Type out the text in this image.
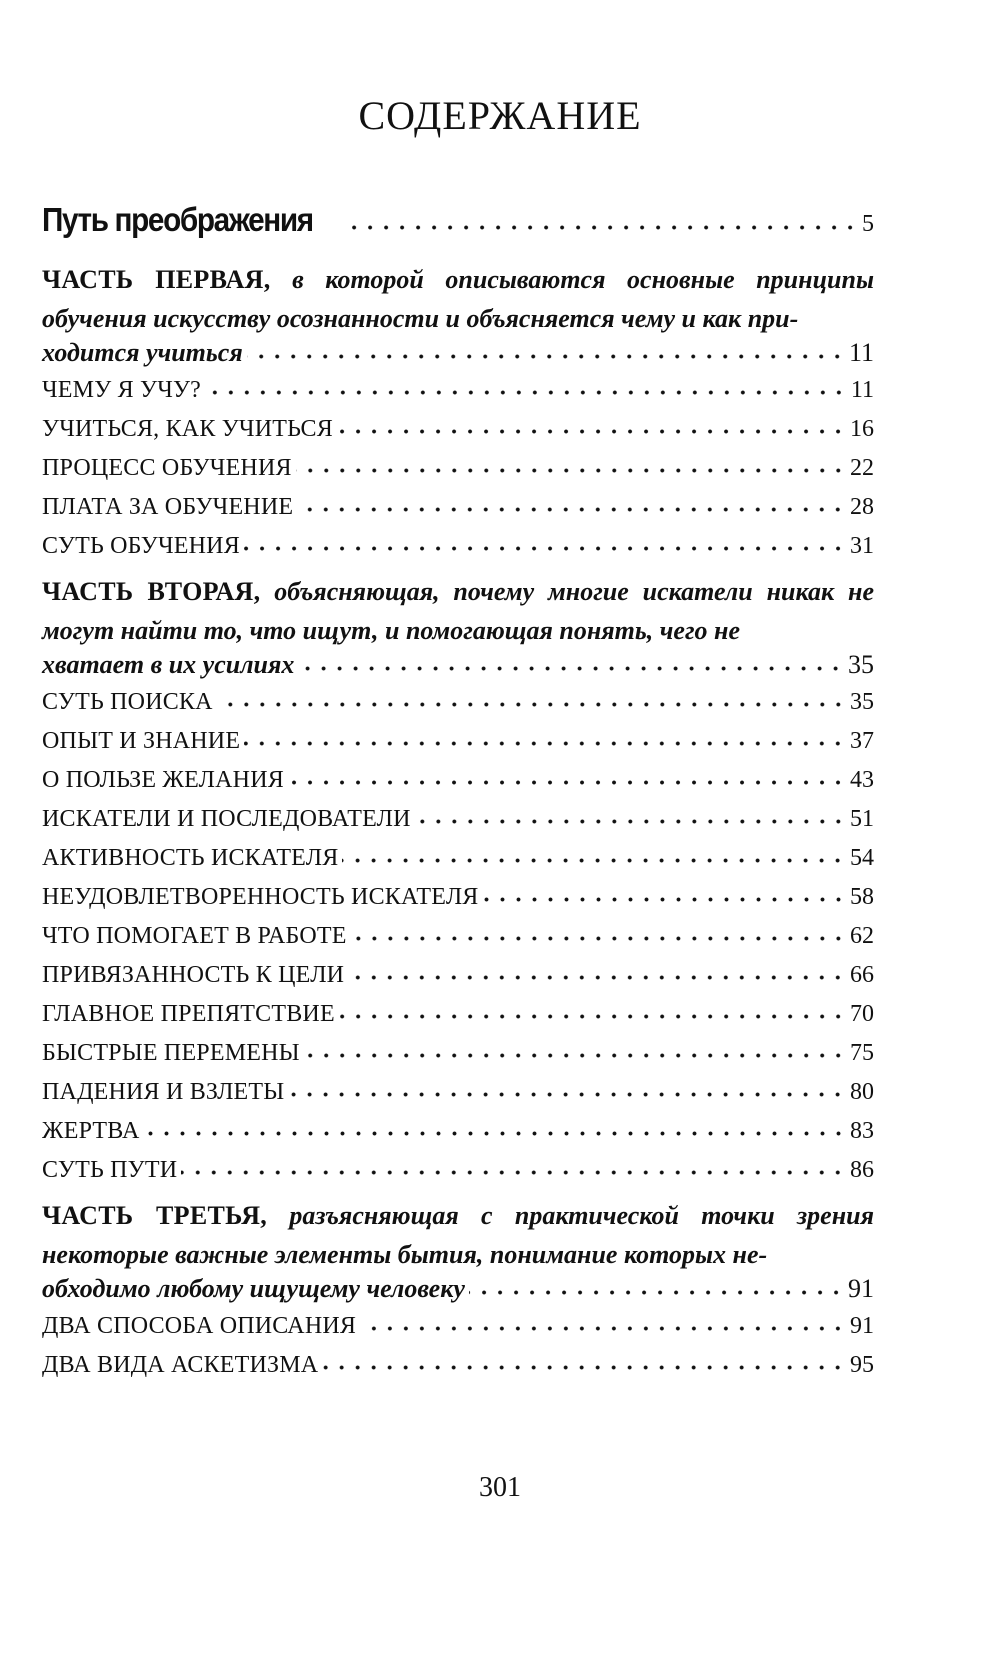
СОДЕРЖАНИЕ
Путь преображения	5
ЧАСТЬ ПЕРВАЯ, в которой описываются основные принципы обучения искусству осознанности и объясняется чему и как при-
ходится учиться	11
ЧЕМУ Я УЧУ?	11
УЧИТЬСЯ, КАК УЧИТЬСЯ	16
ПРОЦЕСС ОБУЧЕНИЯ	22
ПЛАТА ЗА ОБУЧЕНИЕ	28
СУТЬ ОБУЧЕНИЯ	31
ЧАСТЬ ВТОРАЯ, объясняющая, почему многие искатели никак не могут найти то, что ищут, и помогающая понять, чего не
хватает в их усилиях	35
СУТЬ ПОИСКА	35
ОПЫТ И ЗНАНИЕ	37
О ПОЛЬЗЕ ЖЕЛАНИЯ	43
ИСКАТЕЛИ И ПОСЛЕДОВАТЕЛИ	51
АКТИВНОСТЬ ИСКАТЕЛЯ	54
НЕУДОВЛЕТВОРЕННОСТЬ ИСКАТЕЛЯ	58
ЧТО ПОМОГАЕТ В РАБОТЕ	62
ПРИВЯЗАННОСТЬ К ЦЕЛИ	66
ГЛАВНОЕ ПРЕПЯТСТВИЕ	70
БЫСТРЫЕ ПЕРЕМЕНЫ	75
ПАДЕНИЯ И ВЗЛЕТЫ	80
ЖЕРТВА	83
СУТЬ ПУТИ	86
ЧАСТЬ ТРЕТЬЯ, разъясняющая с практической точки зрения некоторые важные элементы бытия, понимание которых не-
обходимо любому ищущему человеку	91
ДВА СПОСОБА ОПИСАНИЯ	91
ДВА ВИДА АСКЕТИЗМА	95
301
